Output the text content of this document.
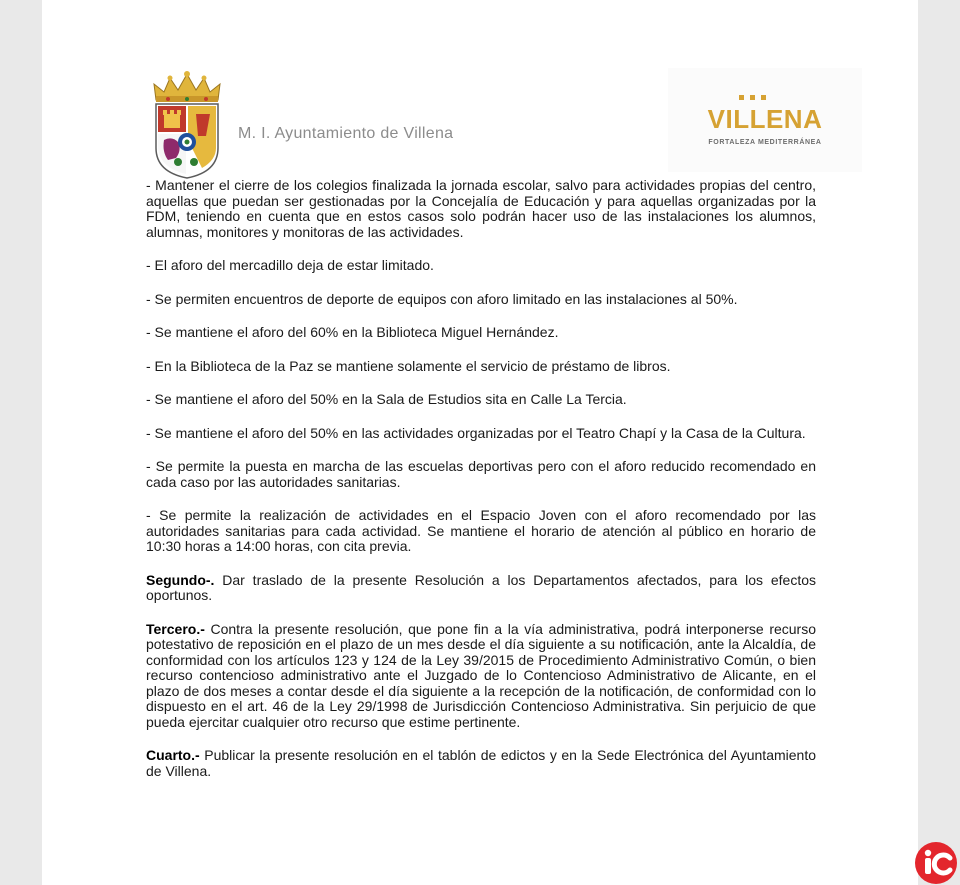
M. I. Ayuntamiento de Villena	VILLENA
FORTALEZA MEDITERRÁNEA

- Mantener el cierre de los colegios finalizada la jornada escolar, salvo para actividades propias del centro, aquellas que puedan ser gestionadas por la Concejalía de Educación y para aquellas organizadas por la FDM, teniendo en cuenta que en estos casos solo podrán hacer uso de las instalaciones los alumnos, alumnas, monitores y monitoras de las actividades.

- El aforo del mercadillo deja de estar limitado.

- Se permiten encuentros de deporte de equipos con aforo limitado en las instalaciones al 50%.

- Se mantiene el aforo del 60% en la Biblioteca Miguel Hernández.

- En la Biblioteca de la Paz se mantiene solamente el servicio de préstamo de libros.

- Se mantiene el aforo del 50% en la Sala de Estudios sita en Calle La Tercia.

- Se mantiene el aforo del 50% en las actividades organizadas por el Teatro Chapí y la Casa de la Cultura.

- Se permite la puesta en marcha de las escuelas deportivas pero con el aforo reducido recomendado en cada caso por las autoridades sanitarias.

- Se permite la realización de actividades en el Espacio Joven con el aforo recomendado por las autoridades sanitarias para cada actividad. Se mantiene el horario de atención al público en horario de 10:30 horas a 14:00 horas, con cita previa.

Segundo-. Dar traslado de la presente Resolución a los Departamentos afectados, para los efectos oportunos.

Tercero.- Contra la presente resolución, que pone fin a la vía administrativa, podrá interponerse recurso potestativo de reposición en el plazo de un mes desde el día siguiente a su notificación, ante la Alcaldía, de conformidad con los artículos 123 y 124 de la Ley 39/2015 de Procedimiento Administrativo Común, o bien recurso contencioso administrativo ante el Juzgado de lo Contencioso Administrativo de Alicante, en el plazo de dos meses a contar desde el día siguiente a la recepción de la notificación, de conformidad con lo dispuesto en el art. 46 de la Ley 29/1998 de Jurisdicción Contencioso Administrativa. Sin perjuicio de que pueda ejercitar cualquier otro recurso que estime pertinente.

Cuarto.- Publicar la presente resolución en el tablón de edictos y en la Sede Electrónica del Ayuntamiento de Villena.
